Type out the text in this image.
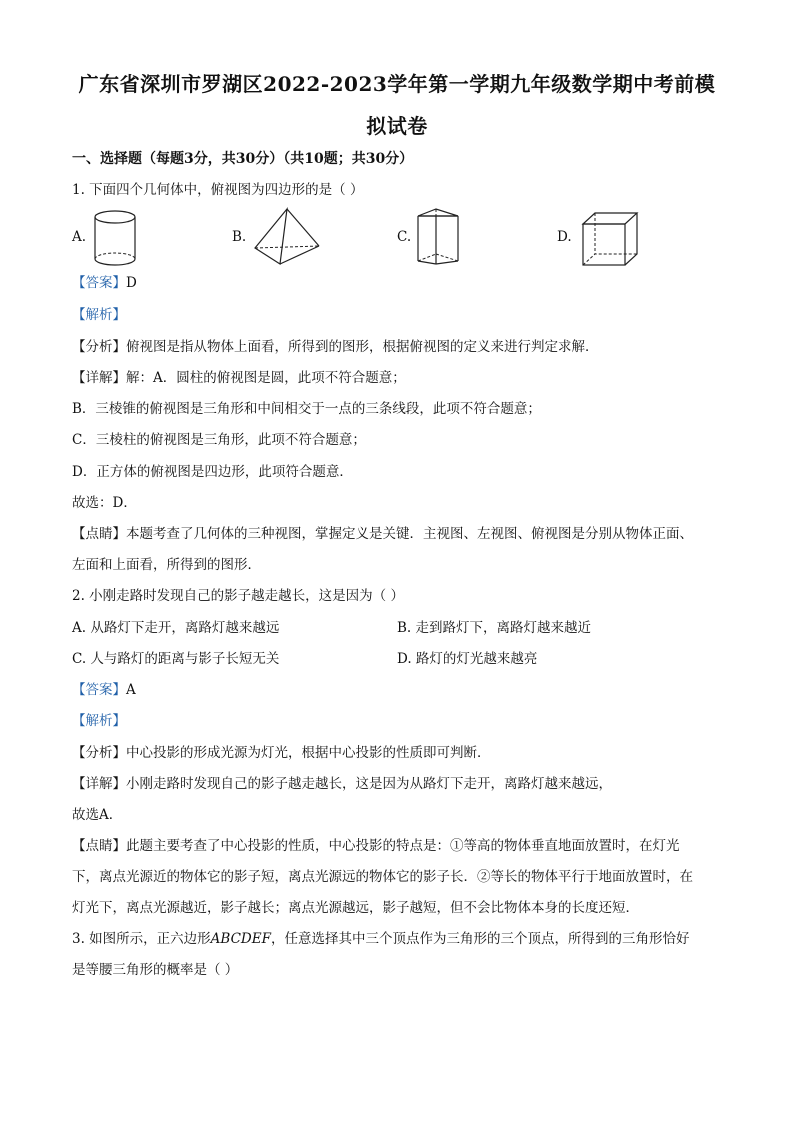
广东省深圳市罗湖区2022-2023学年第一学期九年级数学期中考前模
拟试卷
一、选择题（每题3分，共30分）（共10题；共30分）
1. 下面四个几何体中，俯视图为四边形的是（ ）
A.	B.	C.	D.
【答案】D
【解析】
【分析】俯视图是指从物体上面看，所得到的图形，根据俯视图的定义来进行判定求解．
【详解】解：A．圆柱的俯视图是圆，此项不符合题意；
B．三棱锥的俯视图是三角形和中间相交于一点的三条线段，此项不符合题意；
C．三棱柱的俯视图是三角形，此项不符合题意；
D．正方体的俯视图是四边形，此项符合题意．
故选：D．
【点睛】本题考查了几何体的三种视图，掌握定义是关键．主视图、左视图、俯视图是分别从物体正面、
左面和上面看，所得到的图形．
2. 小刚走路时发现自己的影子越走越长，这是因为（ ）
A. 从路灯下走开，离路灯越来越远	B. 走到路灯下，离路灯越来越近
C. 人与路灯的距离与影子长短无关	D. 路灯的灯光越来越亮
【答案】A
【解析】
【分析】中心投影的形成光源为灯光，根据中心投影的性质即可判断．
【详解】小刚走路时发现自己的影子越走越长，这是因为从路灯下走开，离路灯越来越远，
故选A．
【点睛】此题主要考查了中心投影的性质，中心投影的特点是：①等高的物体垂直地面放置时，在灯光
下，离点光源近的物体它的影子短，离点光源远的物体它的影子长．②等长的物体平行于地面放置时，在
灯光下，离点光源越近，影子越长；离点光源越远，影子越短，但不会比物体本身的长度还短．
3. 如图所示，正六边形ABCDEF，任意选择其中三个顶点作为三角形的三个顶点，所得到的三角形恰好
是等腰三角形的概率是（ ）
